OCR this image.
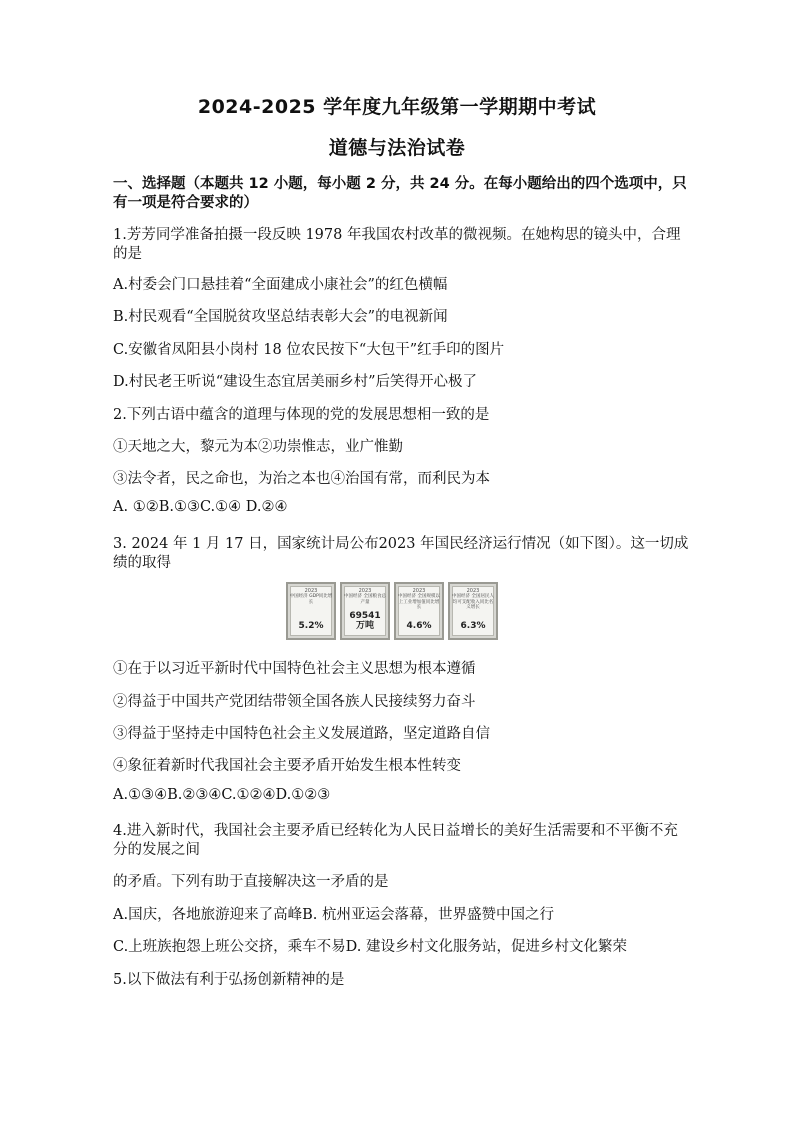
2024-2025 学年度九年级第一学期期中考试
道德与法治试卷
一、选择题（本题共 12 小题，每小题 2 分，共 24 分。在每小题给出的四个选项中，只
有一项是符合要求的）
1.芳芳同学准备拍摄一段反映 1978 年我国农村改革的微视频。在她构思的镜头中，合理
的是
A.村委会门口悬挂着“全面建成小康社会”的红色横幅
B.村民观看“全国脱贫攻坚总结表彰大会”的电视新闻
C.安徽省凤阳县小岗村 18 位农民按下“大包干”红手印的图片
D.村民老王听说“建设生态宜居美丽乡村”后笑得开心极了
2.下列古语中蕴含的道理与体现的党的发展思想相一致的是
①天地之大，黎元为本②功崇惟志，业广惟勤
③法令者，民之命也，为治之本也④治国有常，而利民为本
A. ①②B.①③C.①④ D.②④
3. 2024 年 1 月 17 日，国家统计局公布2023 年国民经济运行情况（如下图）。这一切成
绩的取得
2023
中国经济 GDP同比增长
5.2%
2023
中国经济 全国粮食总产量
69541 万吨
2023
中国经济 全国规模以上工业增加值同比增长
4.6%
2023
中国经济 全国居民人均可支配收入同比名义增长
6.3%
①在于以习近平新时代中国特色社会主义思想为根本遵循
②得益于中国共产党团结带领全国各族人民接续努力奋斗
③得益于坚持走中国特色社会主义发展道路，坚定道路自信
④象征着新时代我国社会主要矛盾开始发生根本性转变
A.①③④B.②③④C.①②④D.①②③
4.进入新时代，我国社会主要矛盾已经转化为人民日益增长的美好生活需要和不平衡不充
分的发展之间
的矛盾。下列有助于直接解决这一矛盾的是
A.国庆，各地旅游迎来了高峰B. 杭州亚运会落幕，世界盛赞中国之行
C.上班族抱怨上班公交挤，乘车不易D. 建设乡村文化服务站，促进乡村文化繁荣
5.以下做法有利于弘扬创新精神的是
